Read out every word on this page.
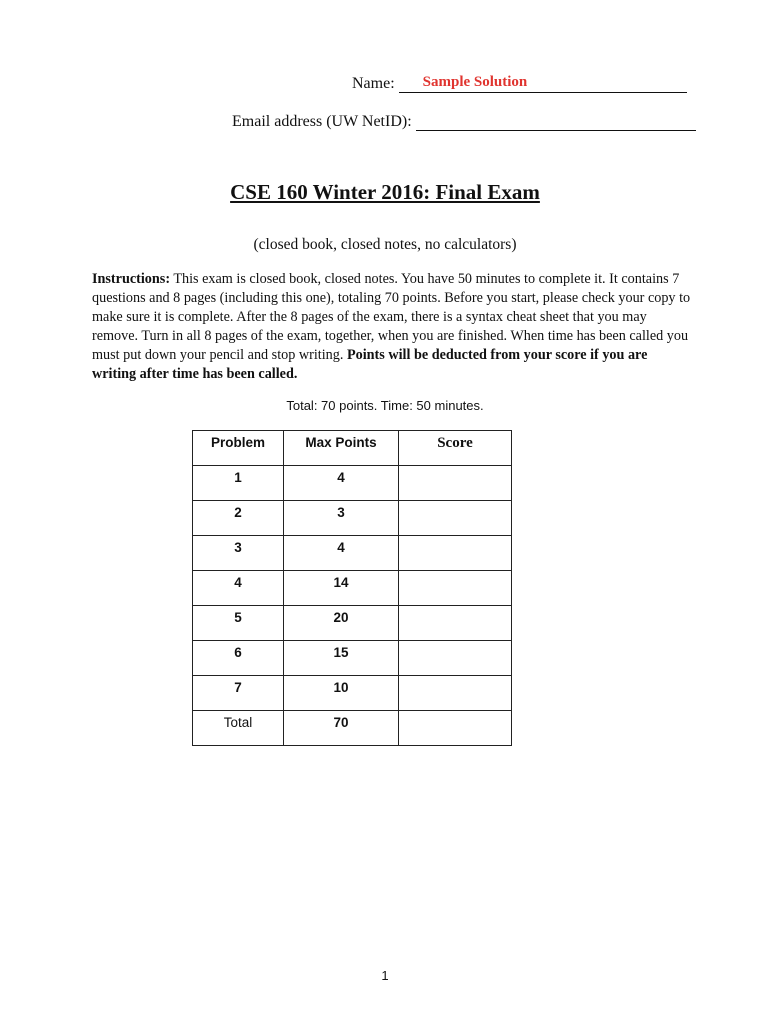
Name: Sample Solution
Email address (UW NetID):
CSE 160 Winter 2016: Final Exam
(closed book, closed notes, no calculators)
Instructions: This exam is closed book, closed notes. You have 50 minutes to complete it. It contains 7 questions and 8 pages (including this one), totaling 70 points. Before you start, please check your copy to make sure it is complete. After the 8 pages of the exam, there is a syntax cheat sheet that you may remove. Turn in all 8 pages of the exam, together, when you are finished. When time has been called you must put down your pencil and stop writing. Points will be deducted from your score if you are writing after time has been called.
Total: 70 points. Time: 50 minutes.
Problem	Max Points	Score

1	4	

2	3	

3	4	

4	14	

5	20	

6	15	

7	10	

Total	70	

1
